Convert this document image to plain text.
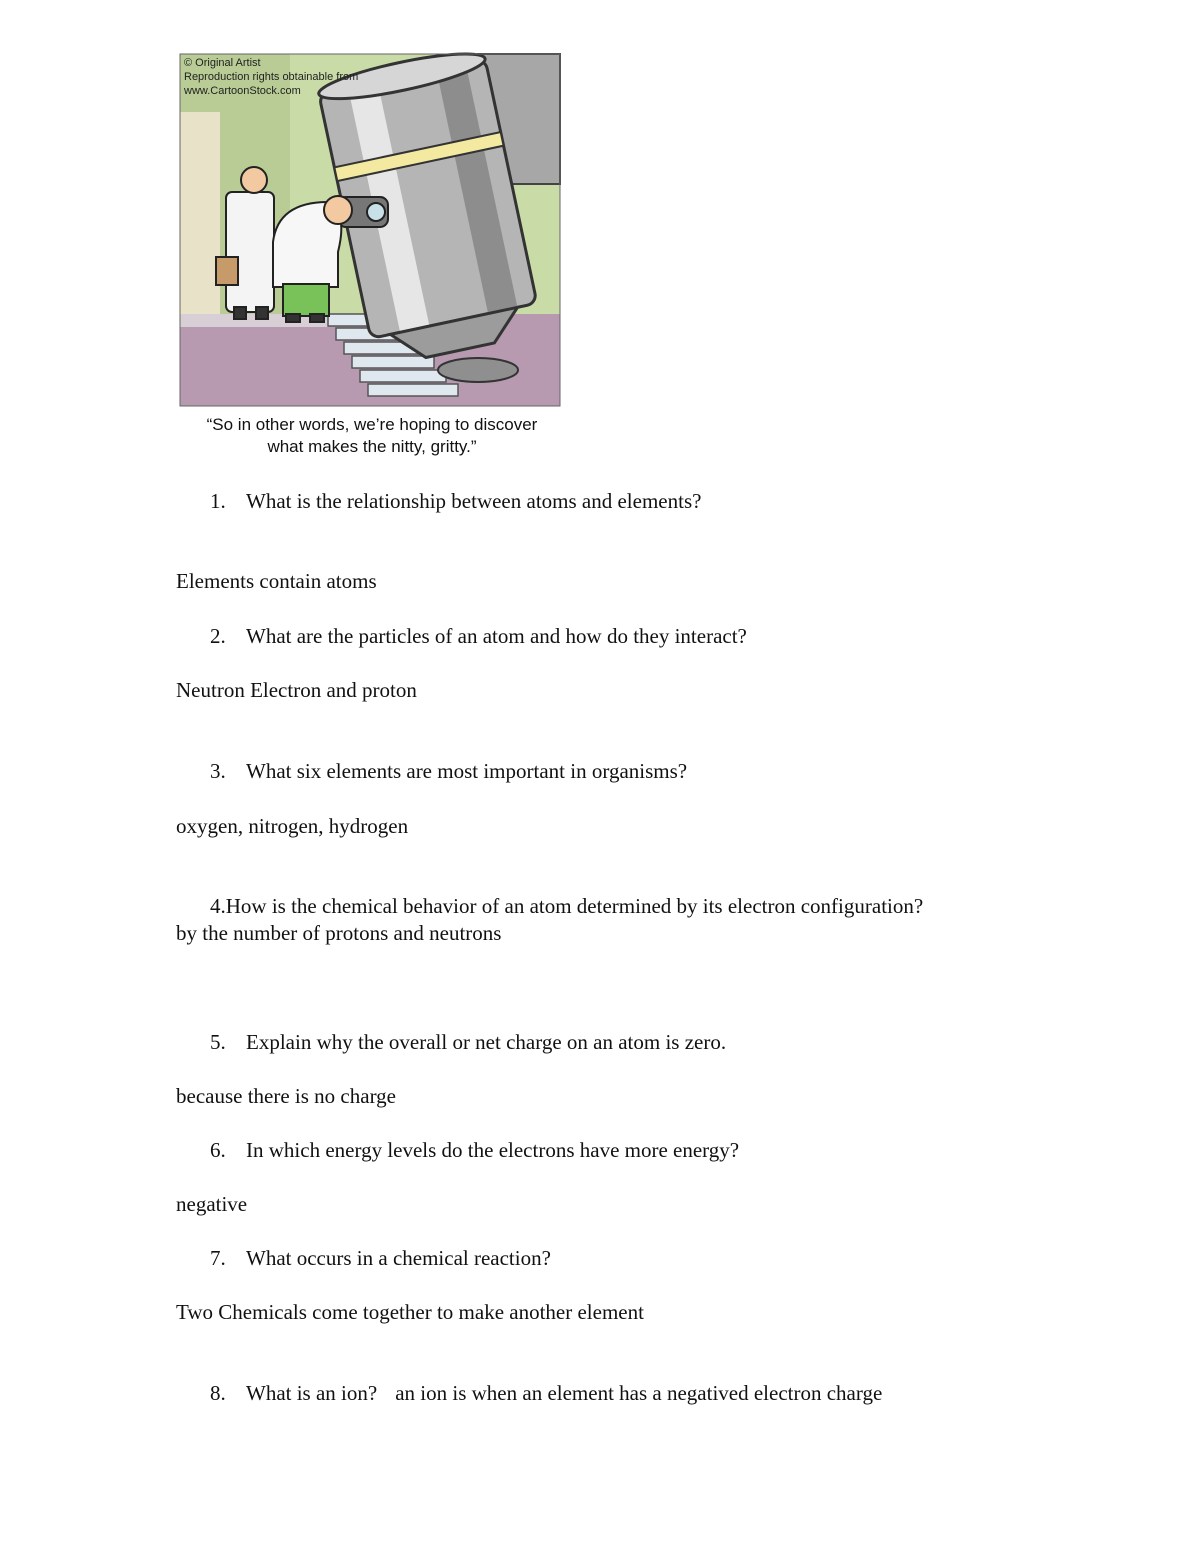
© Original Artist
Reproduction rights obtainable from
www.CartoonStock.com
“So in other words, we’re hoping to discover
what makes the nitty, gritty.”
1. What is the relationship between atoms and elements?
Elements contain atoms
2. What are the particles of an atom and how do they interact?
Neutron Electron and proton
3. What six elements are most important in organisms?
oxygen, nitrogen, hydrogen
4.How is the chemical behavior of an atom determined by its electron configuration?
by the number of protons and neutrons
5. Explain why the overall or net charge on an atom is zero.
because there is no charge
6. In which energy levels do the electrons have more energy?
negative
7. What occurs in a chemical reaction?
Two Chemicals come together to make another element
8. What is an ion? an ion is when an element has a negatived electron charge
